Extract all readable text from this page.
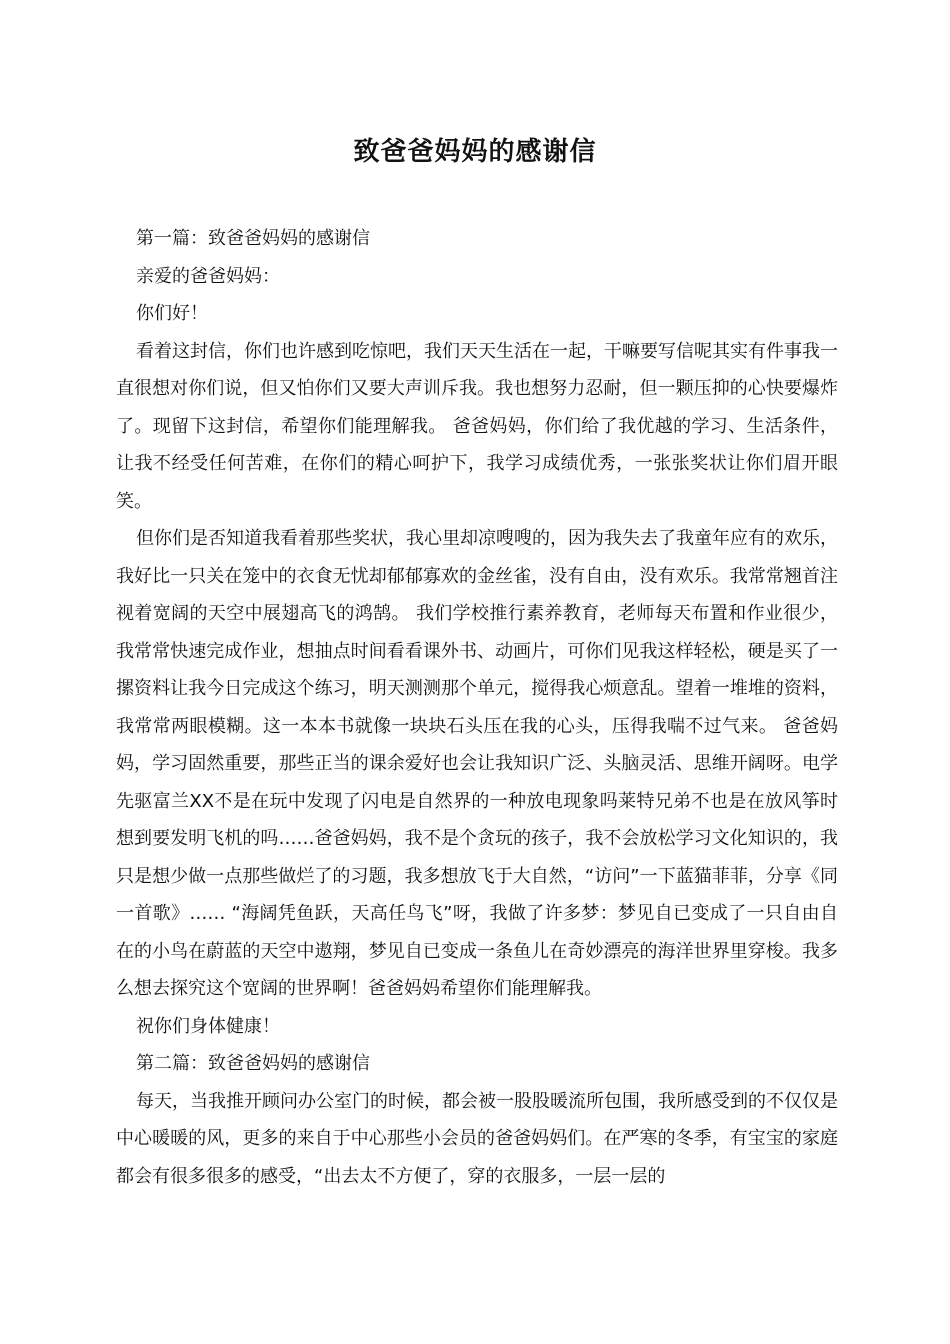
致爸爸妈妈的感谢信

第一篇：致爸爸妈妈的感谢信

亲爱的爸爸妈妈：

你们好！

看着这封信，你们也许感到吃惊吧，我们天天生活在一起，干嘛要写信呢其实有件事我一直很想对你们说，但又怕你们又要大声训斥我。我也想努力忍耐，但一颗压抑的心快要爆炸了。现留下这封信，希望你们能理解我。 爸爸妈妈，你们给了我优越的学习、生活条件，让我不经受任何苦难，在你们的精心呵护下，我学习成绩优秀，一张张奖状让你们眉开眼笑。

但你们是否知道我看着那些奖状，我心里却凉嗖嗖的，因为我失去了我童年应有的欢乐，我好比一只关在笼中的衣食无忧却郁郁寡欢的金丝雀，没有自由，没有欢乐。我常常翘首注视着宽阔的天空中展翅高飞的鸿鹄。 我们学校推行素养教育，老师每天布置和作业很少，我常常快速完成作业，想抽点时间看看课外书、动画片，可你们见我这样轻松，硬是买了一摞资料让我今日完成这个练习，明天测测那个单元，搅得我心烦意乱。望着一堆堆的资料，我常常两眼模糊。这一本本书就像一块块石头压在我的心头，压得我喘不过气来。 爸爸妈妈，学习固然重要，那些正当的课余爱好也会让我知识广泛、头脑灵活、思维开阔呀。电学先驱富兰XX不是在玩中发现了闪电是自然界的一种放电现象吗莱特兄弟不也是在放风筝时想到要发明飞机的吗……爸爸妈妈，我不是个贪玩的孩子，我不会放松学习文化知识的，我只是想少做一点那些做烂了的习题，我多想放飞于大自然，“访问”一下蓝猫菲菲，分享《同一首歌》…… “海阔凭鱼跃，天高任鸟飞”呀，我做了许多梦：梦见自已变成了一只自由自在的小鸟在蔚蓝的天空中遨翔，梦见自已变成一条鱼儿在奇妙漂亮的海洋世界里穿梭。我多么想去探究这个宽阔的世界啊！爸爸妈妈希望你们能理解我。

祝你们身体健康！

第二篇：致爸爸妈妈的感谢信

每天，当我推开顾问办公室门的时候，都会被一股股暖流所包围，我所感受到的不仅仅是中心暖暖的风，更多的来自于中心那些小会员的爸爸妈妈们。在严寒的冬季，有宝宝的家庭都会有很多很多的感受，“出去太不方便了，穿的衣服多，一层一层的
